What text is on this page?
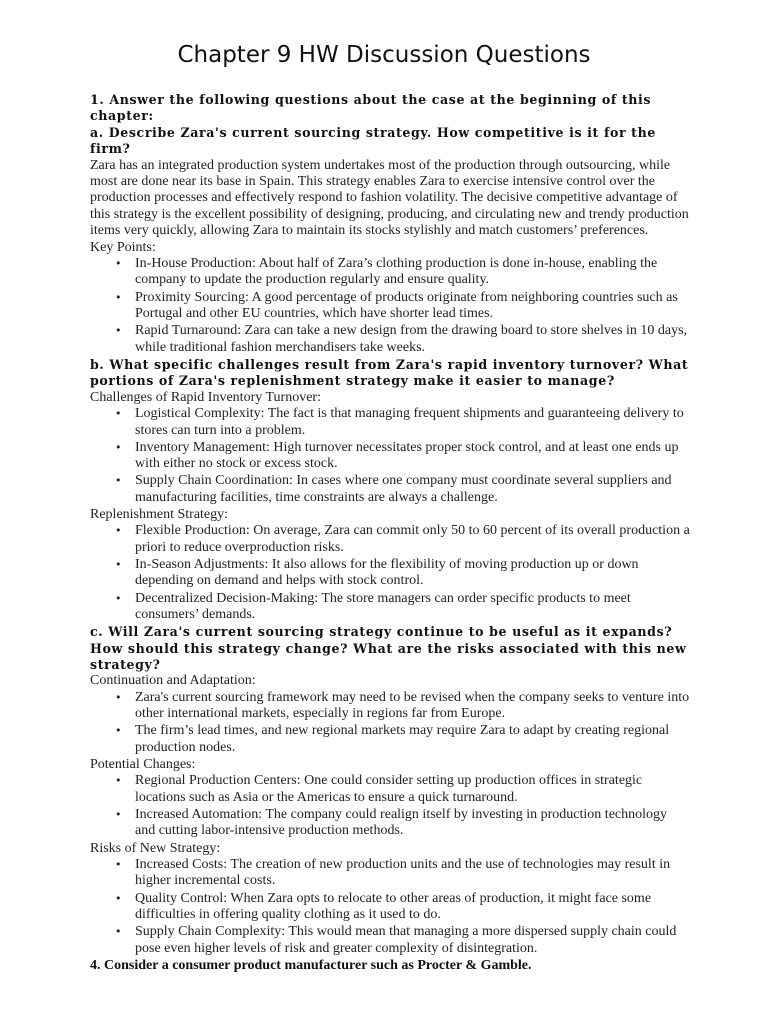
Chapter 9 HW Discussion Questions

1. Answer the following questions about the case at the beginning of this chapter:

a. Describe Zara's current sourcing strategy. How competitive is it for the firm?

Zara has an integrated production system undertakes most of the production through outsourcing, while most are done near its base in Spain. This strategy enables Zara to exercise intensive control over the production processes and effectively respond to fashion volatility. The decisive competitive advantage of this strategy is the excellent possibility of designing, producing, and circulating new and trendy production items very quickly, allowing Zara to maintain its stocks stylishly and match customers’ preferences.

Key Points:

• In-House Production: About half of Zara’s clothing production is done in-house, enabling the company to update the production regularly and ensure quality.
• Proximity Sourcing: A good percentage of products originate from neighboring countries such as Portugal and other EU countries, which have shorter lead times.
• Rapid Turnaround: Zara can take a new design from the drawing board to store shelves in 10 days, while traditional fashion merchandisers take weeks.

b. What specific challenges result from Zara's rapid inventory turnover? What portions of Zara's replenishment strategy make it easier to manage?

Challenges of Rapid Inventory Turnover:

• Logistical Complexity: The fact is that managing frequent shipments and guaranteeing delivery to stores can turn into a problem.
• Inventory Management: High turnover necessitates proper stock control, and at least one ends up with either no stock or excess stock.
• Supply Chain Coordination: In cases where one company must coordinate several suppliers and manufacturing facilities, time constraints are always a challenge.

Replenishment Strategy:

• Flexible Production: On average, Zara can commit only 50 to 60 percent of its overall production a priori to reduce overproduction risks.
• In-Season Adjustments: It also allows for the flexibility of moving production up or down depending on demand and helps with stock control.
• Decentralized Decision-Making: The store managers can order specific products to meet consumers’ demands.

c. Will Zara's current sourcing strategy continue to be useful as it expands? How should this strategy change? What are the risks associated with this new strategy?

Continuation and Adaptation:

• Zara's current sourcing framework may need to be revised when the company seeks to venture into other international markets, especially in regions far from Europe.
• The firm’s lead times, and new regional markets may require Zara to adapt by creating regional production nodes.

Potential Changes:

• Regional Production Centers: One could consider setting up production offices in strategic locations such as Asia or the Americas to ensure a quick turnaround.
• Increased Automation: The company could realign itself by investing in production technology and cutting labor-intensive production methods.

Risks of New Strategy:

• Increased Costs: The creation of new production units and the use of technologies may result in higher incremental costs.
• Quality Control: When Zara opts to relocate to other areas of production, it might face some difficulties in offering quality clothing as it used to do.
• Supply Chain Complexity: This would mean that managing a more dispersed supply chain could pose even higher levels of risk and greater complexity of disintegration.

4. Consider a consumer product manufacturer such as Procter & Gamble.
